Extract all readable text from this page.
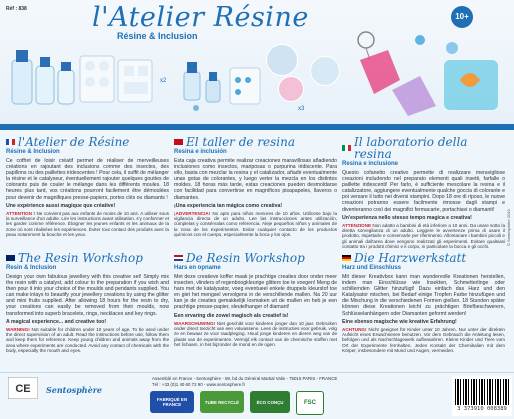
Réf : 838 l'Atelier Résine
Résine & Inclusion
10+
x2
x3
l'Atelier de Résine
Résine & Inclusion

Ce coffret de loisir créatif permet de réaliser de merveilleuses créations en rajoutant des inclusions comme des insectes, des papillons ou des paillettes iridescentes ! Pour cela, il suffit de mélanger la résine et le catalyseur, éventuellement rajouter quelques gouttes de colorants puis de couler le mélange dans les différents moules. 18 heures plus tard, vos créations pourront facilement être démoulées pour devenir de magnifiques presse-papiers, portes clés ou diamants !

Une expérience aussi magique que créative!

ATTENTION ! Ne convient pas aux enfants de moins de 10 ans. A utiliser sous la surveillance d'un adulte. Lire les instructions avant utilisation, s'y conformer et les garder comme référence. Éloigner les jeunes enfants et les animaux de la zone où sont réalisées les expériences. Éviter tout contact des produits avec la peau notamment la bouche et les yeux.

El taller de resina
Resina e inclusión

Esta caja creativa permite realizar creaciones maravillosas añadiendo inclusiones como insectos, mariposas o purpurina iridiscente. Para ello, basta con mezclar la resina y el catalizador, añadir eventualmente unas gotas de colorantes, y luego verter la mezcla en los distintos moldes. 18 horas más tarde, estas creaciones pueden desmoldarse con facilidad para convertirse en magníficos pisapapeles, llaveros o diamantes.

¡Una experiencia tan mágica como creativa!

¡ADVERTENCIA! No apto para niños menores de 10 años. Utilícese bajo la vigilancia directa de un adulto. Lee las instrucciones antes utilización, cúmplelas y consérvalas como referencia. Aleje pequeños niños y animales de la zona de los experimentos. Evitar cualquier contacto de los productos químicos con el cuerpo, especialmente la boca y los ojos.

Il laboratorio della resina
Resina e inclusione

Questo cofanetto creativo permette di realizzare meravigliose creazioni includendo nel preparato elementi quali insetti, farfalle o paillette iridescenti! Per farlo, è sufficiente mescolare la resina e il catalizzatore, aggiungere eventualmente qualche goccia di colorante e poi versare il tutto nei diversi stampini. Dopo 18 ore di riposo, le nuove creazioni potranno essere facilmente rimosse dagli stampi e diventeranno così dei magnifici fermacarte, portachiavi o diamanti!

Un'esperienza nello stesso tempo magica e creativa!

ATTENZIONE Non adatto a bambini di età inferiore a 10 anni. Da usare sotto la diretta sorveglianza di un adulto. Leggere le avvertenze prima di usare il prodotto, rispettarle e conservarle per riferimento. Allontanare i bambini piccoli e gli animali dall'area dove vengono realizzati gli esperimenti. Evitare qualsiasi contatto tra i prodotti chimici e il corpo, in particolare la bocca e gli occhi.

The Resin Workshop
Resin & Inclusion

Design your own fabulous jewellery with this creative set! Simply mix the resin with a catalyst, add colour to the preparation if you wish and then pour it into your choice of the moulds and pendants supplied. You can make inlays to beautify your jewellery creations by using the glitter and mini fruits supplied. After allowing 18 hours for the resin to dry, your creations can easily be removed from their moulds, now transformed into superb bracelets, rings, necklaces and key rings.

A magical experience... and creative too!

WARNING! Not suitable for children under 10 years of age. To be used under the direct supervision of an adult. Read the instructions before use, follow them and keep them for reference. Keep young children and animals away from the area where experiments are conducted. Avoid any contact of chemicals with the body, especially the mouth and eyes.

De Resin Workshop
Hars en opname

Met deze creatieve koffer maak je prachtige creaties door onder meer insecten, vlinders of regenboogkleurige glitters toe te voegen! Meng de hars met de katalysator, voeg eventueel enkele druppels kleurstof toe en giet het mengsel vervolgens in de verschillende mallen. Na 20 uur kan je de creaties gemakkelijk losmaken uit de mallen en heb je een prachtige presse-papier, sleutelhanger of diamant!

Een ervaring die zowel magisch als creatief is!

WAARSCHUWING! Niet geschikt voor kinderen jonger dan 10 jaar. Gebruiken onder direct toezicht van een volwassene. Lees de instructies voor gebruik, volg ze en bewaar ze voor raadpleging. Houd jonge kinderen en dieren weg van de plaats van de experimenten. Vermijd elk contact van de chemische stoffen met het lichaam, in het bijzonder de mond en de ogen.

Die Harzwerkstatt
Harz und Einschluss

Mit dieser Kreativbox kann man wundervolle Kreationen herstellen, indem man Einschlüsse wie Insekten, Schmetterlinge oder schillernden Glitter hinzufügt! Dazu einfach das Harz und den Katalysator mischen, bei Bedarf einige Tropfen Farbe hinzufügen und die Mischung in die verschiedenen Formen gießen. 18 Stunden später können diese Kreationen leicht zu prächtigen Briefbeschwerern, Schlüsselanhängern oder Diamanten geformt werden!

Eine ebenso magische wie kreative Erfahrung!

ACHTUNG! Nicht geeignet für Kinder unter 10 Jahren. Nur unter der direkten Aufsicht eines Erwachsenen benutzen. Vor dem Gebrauch die Anleitung lesen, befolgen und als Nachschlagewerk aufbewahren. Kleine Kinder und Tiere vom Ort der Experimente fernhalten. Jeden Kontakt der Chemikalien mit dem Körper, insbesondere mit Mund und Augen, vermeiden.

© Sentosphère 2019
CE Sentosphère
Assemblé en France - Sentosphère - 59, bd du Général Martial Valin - 75015 PARIS - FRANCE
Tél : +33 (0)1 40 60 72 90 - www.sentosphere.fr
FABRIQUÉ EN FRANCE	TUBE RECYCLÉ	ÉCO CONÇU	FSC
3 373910 008389
